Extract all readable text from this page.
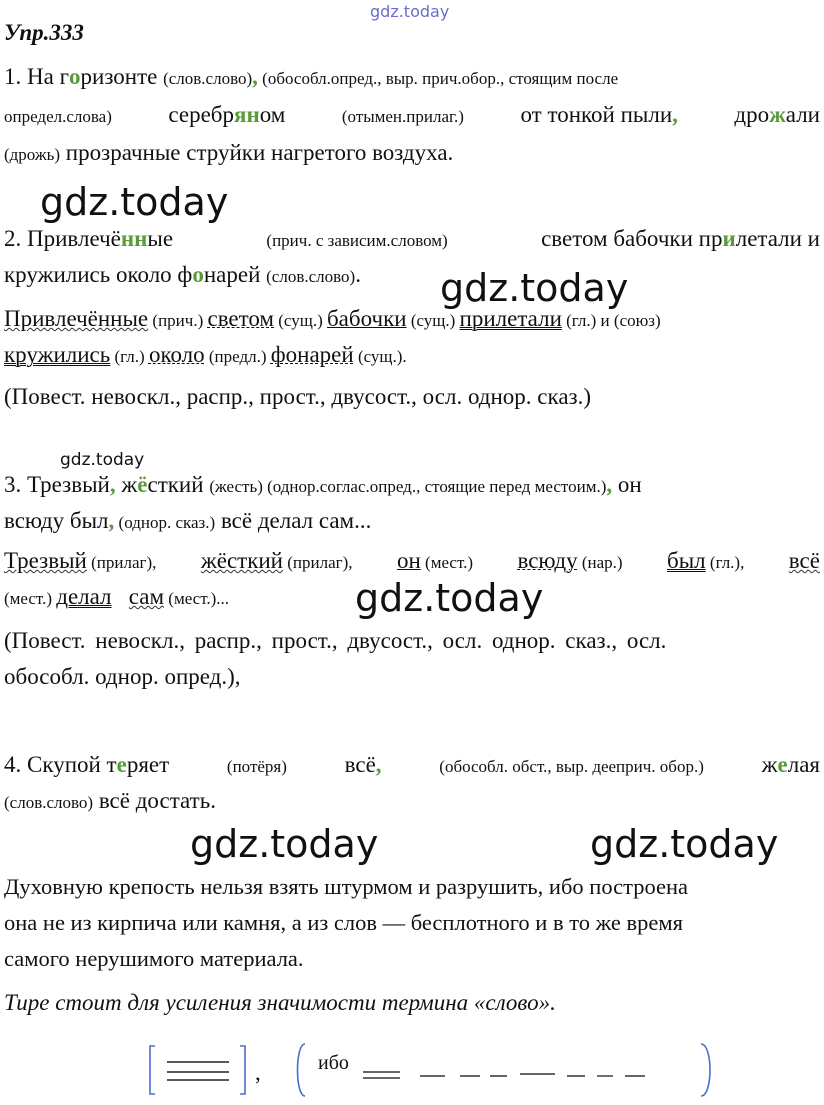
gdz.today
Упр.333
1. На горизонте (слов.слово), (обособл.опред., выр. прич.обор., стоящим после
определ.слова) серебряном	(отымен.прилаг.) от тонкой пыли, дрожали
(дрожь) прозрачные струйки нагретого воздуха.
gdz.today
2. Привлечённые	(прич. с зависим.словом)	светом бабочки прилетали и
кружились около фонарей (слов.слово).	gdz.today
Привлечённые (прич.) светом (сущ.) бабочки (сущ.) прилетали (гл.) и (союз)
кружились (гл.) около (предл.) фонарей (сущ.).
(Повест. невоскл., распр., прост., двусост., осл. однор. сказ.)
gdz.today
3. Трезвый, жёсткий (жесть) (однор.соглас.опред., стоящие перед местоим.), он
всюду был, (однор. сказ.) всё делал сам...
Трезвый (прилаг), жёсткий (прилаг), он (мест.) всюду (нар.) был (гл.), всё
(мест.) делал сам (мест.)...	gdz.today
(Повест. невоскл., распр., прост., двусост., осл. однор. сказ., осл.
обособл. однор. опред.),
4. Скупой теряет	(потёря)	всё,	(обособл. обст., выр. дееприч. обор.)	желая
(слов.слово) всё достать.
gdz.today	gdz.today
Духовную крепость нельзя взять штурмом и разрушить, ибо построена
она не из кирпича или камня, а из слов — бесплотного и в то же время
самого нерушимого материала.
Тире стоит для усиления значимости термина «слово».
,	ибо
